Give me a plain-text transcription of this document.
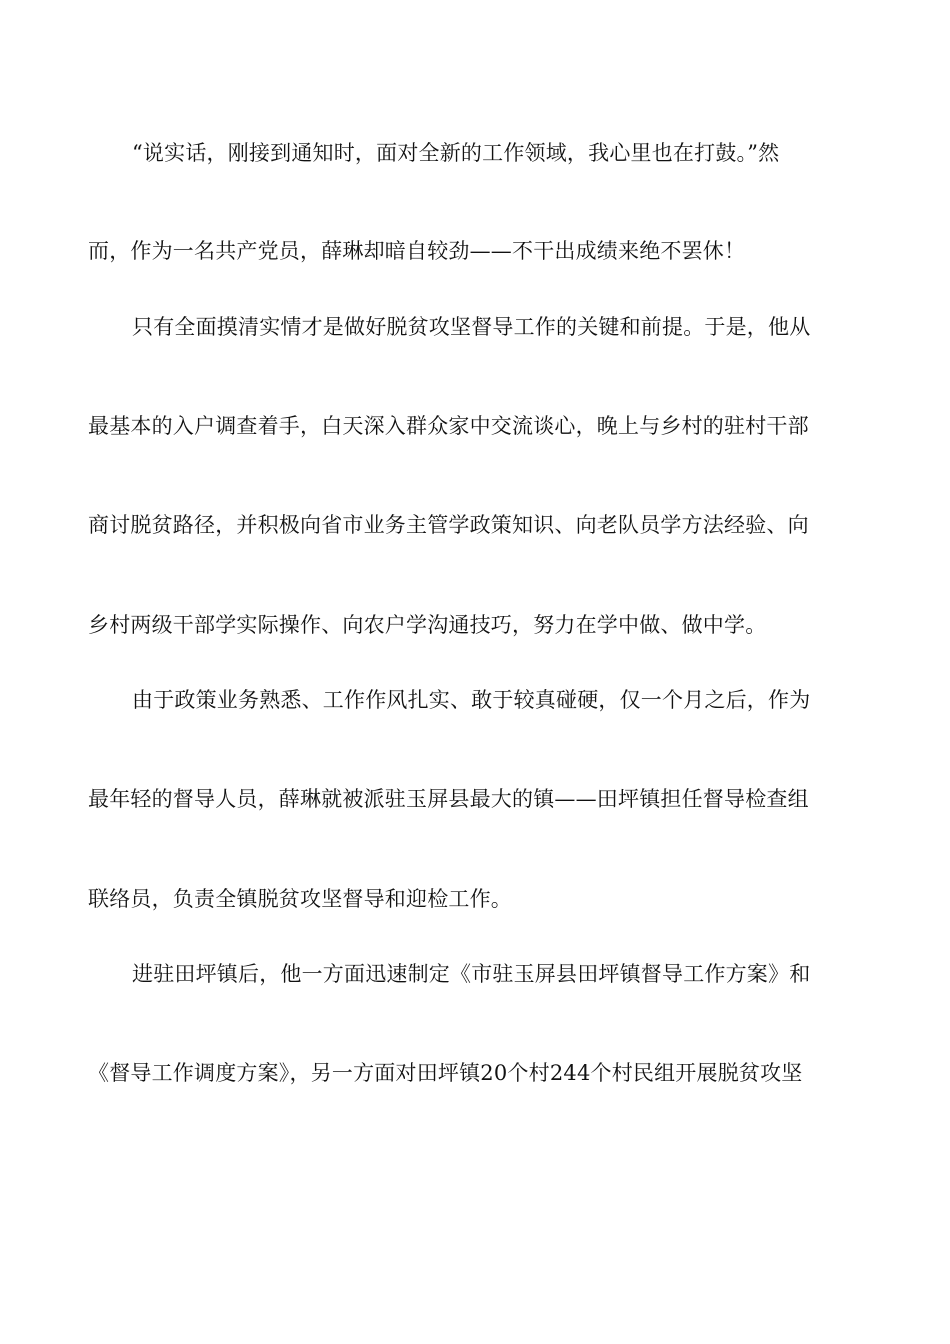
“说实话，刚接到通知时，面对全新的工作领域，我心里也在打鼓。”然
而，作为一名共产党员，薛琳却暗自较劲——不干出成绩来绝不罢休！
只有全面摸清实情才是做好脱贫攻坚督导工作的关键和前提。于是，他从
最基本的入户调查着手，白天深入群众家中交流谈心，晚上与乡村的驻村干部
商讨脱贫路径，并积极向省市业务主管学政策知识、向老队员学方法经验、向
乡村两级干部学实际操作、向农户学沟通技巧，努力在学中做、做中学。
由于政策业务熟悉、工作作风扎实、敢于较真碰硬，仅一个月之后，作为
最年轻的督导人员，薛琳就被派驻玉屏县最大的镇——田坪镇担任督导检查组
联络员，负责全镇脱贫攻坚督导和迎检工作。
进驻田坪镇后，他一方面迅速制定《市驻玉屏县田坪镇督导工作方案》和
《督导工作调度方案》，另一方面对田坪镇20个村244个村民组开展脱贫攻坚
